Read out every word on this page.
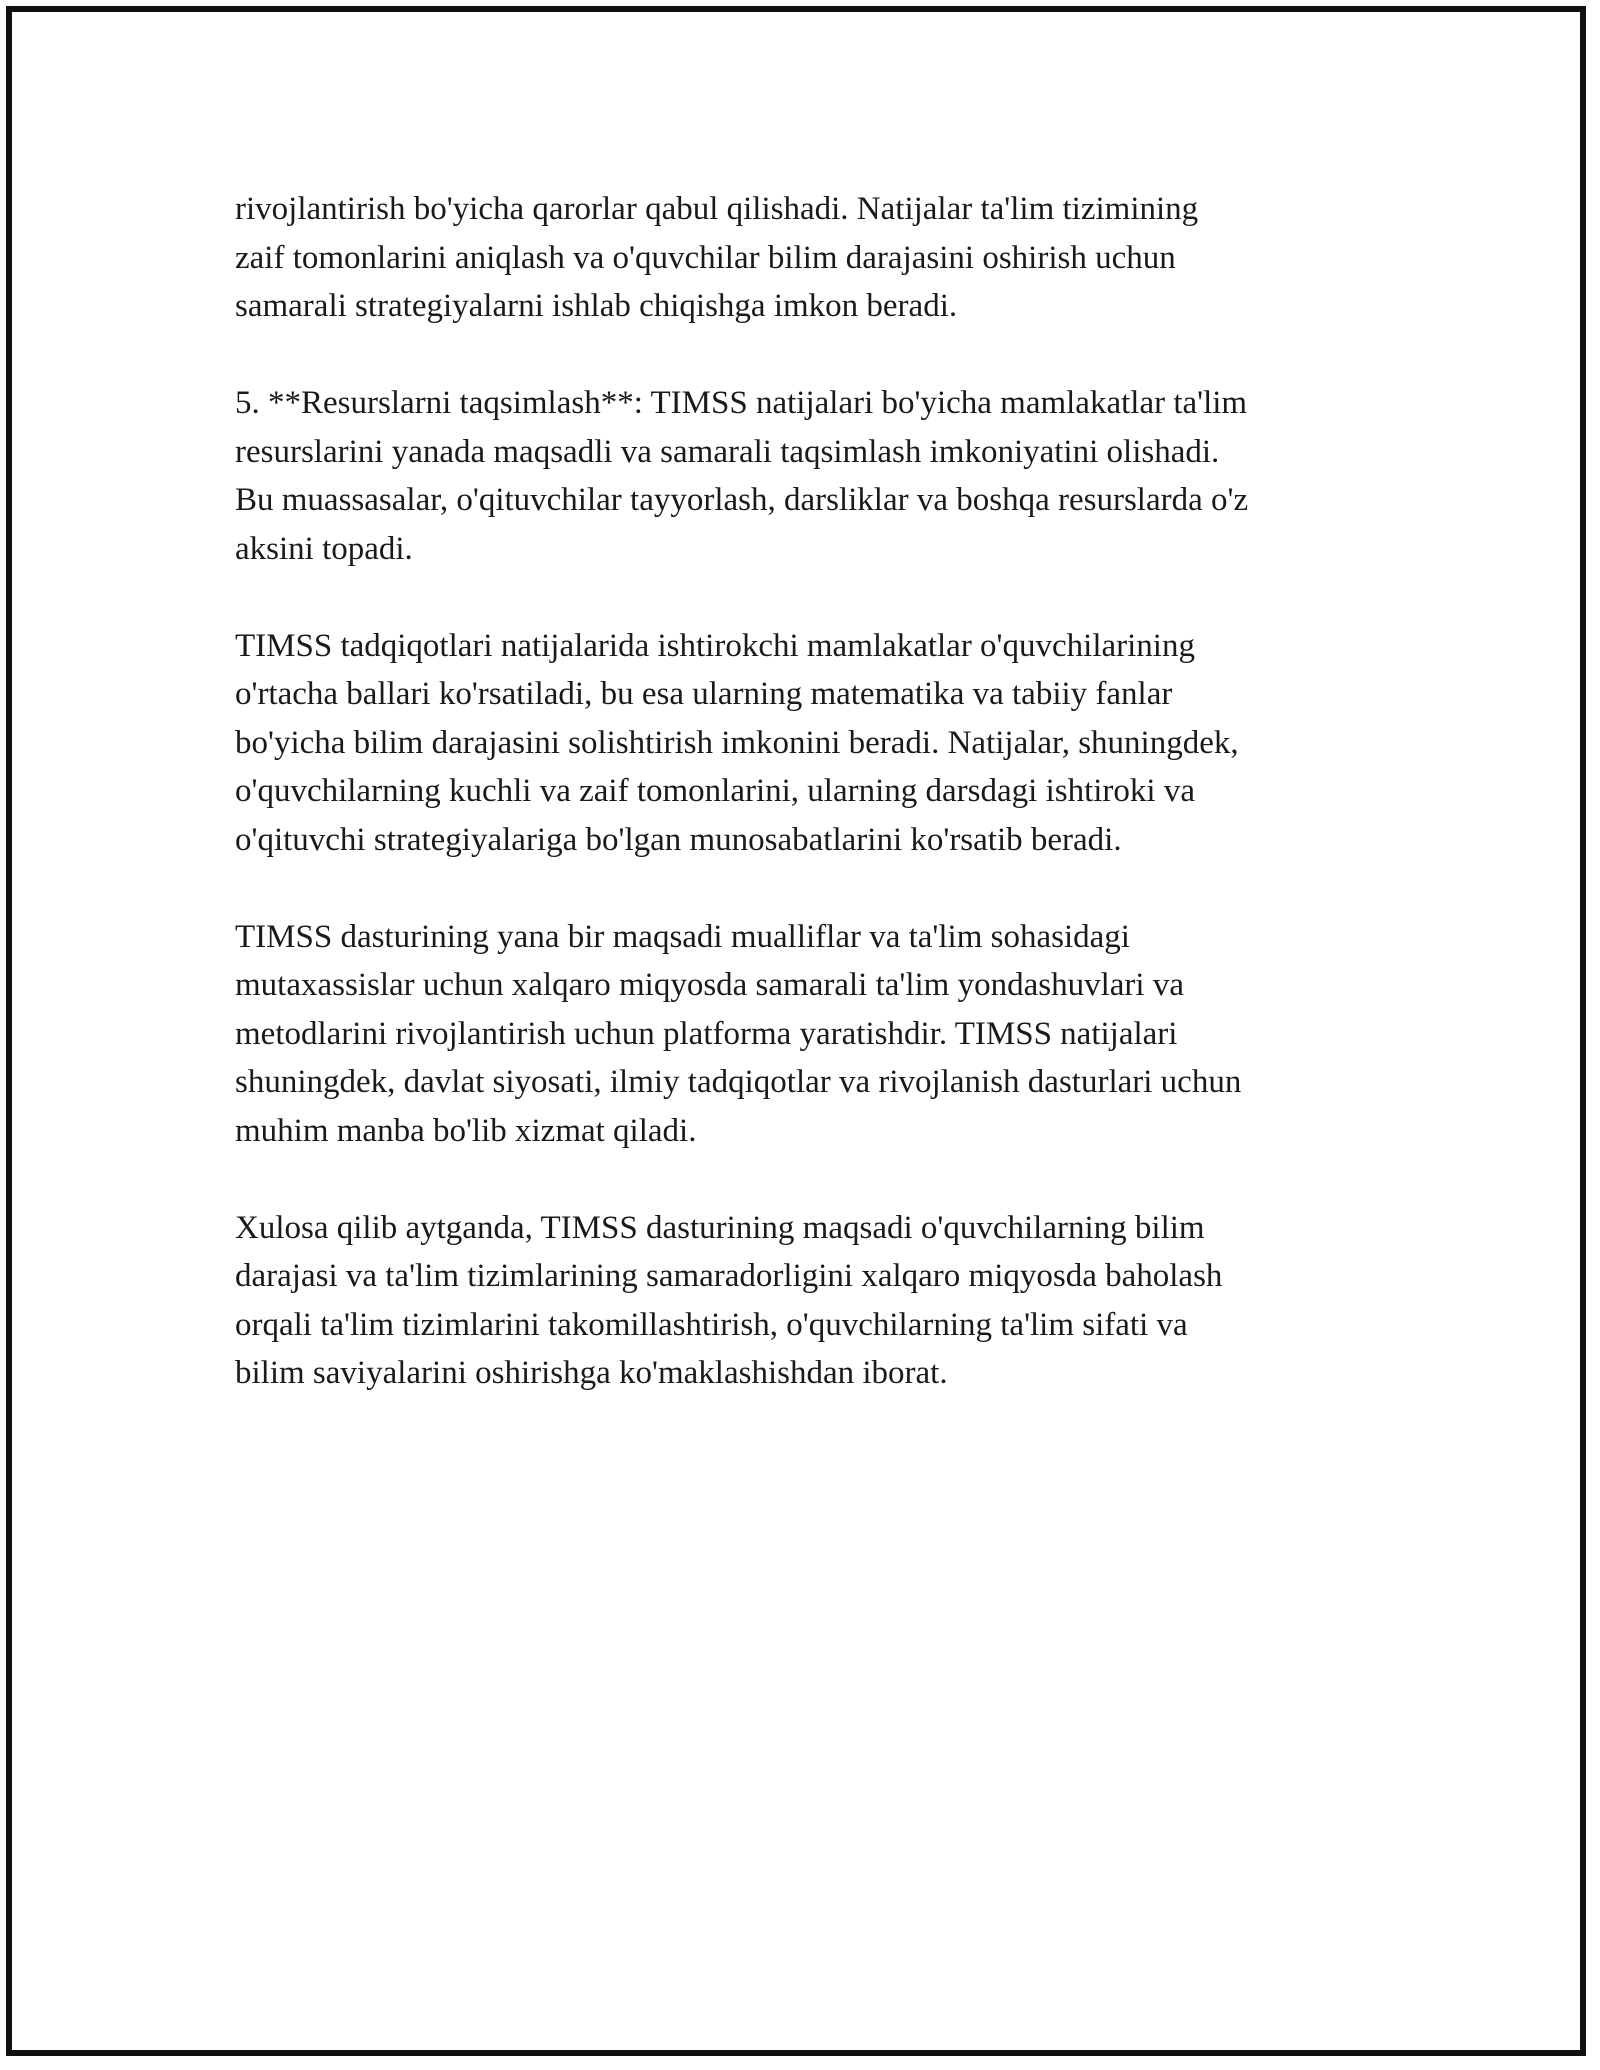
rivojlantirish bo'yicha qarorlar qabul qilishadi. Natijalar ta'lim tizimining
zaif tomonlarini aniqlash va o'quvchilar bilim darajasini oshirish uchun
samarali strategiyalarni ishlab chiqishga imkon beradi.

5. **Resurslarni taqsimlash**: TIMSS natijalari bo'yicha mamlakatlar ta'lim
resurslarini yanada maqsadli va samarali taqsimlash imkoniyatini olishadi.
Bu muassasalar, o'qituvchilar tayyorlash, darsliklar va boshqa resurslarda o'z
aksini topadi.

TIMSS tadqiqotlari natijalarida ishtirokchi mamlakatlar o'quvchilarining
o'rtacha ballari ko'rsatiladi, bu esa ularning matematika va tabiiy fanlar
bo'yicha bilim darajasini solishtirish imkonini beradi. Natijalar, shuningdek,
o'quvchilarning kuchli va zaif tomonlarini, ularning darsdagi ishtiroki va
o'qituvchi strategiyalariga bo'lgan munosabatlarini ko'rsatib beradi.

TIMSS dasturining yana bir maqsadi mualliflar va ta'lim sohasidagi
mutaxassislar uchun xalqaro miqyosda samarali ta'lim yondashuvlari va
metodlarini rivojlantirish uchun platforma yaratishdir. TIMSS natijalari
shuningdek, davlat siyosati, ilmiy tadqiqotlar va rivojlanish dasturlari uchun
muhim manba bo'lib xizmat qiladi.

Xulosa qilib aytganda, TIMSS dasturining maqsadi o'quvchilarning bilim
darajasi va ta'lim tizimlarining samaradorligini xalqaro miqyosda baholash
orqali ta'lim tizimlarini takomillashtirish, o'quvchilarning ta'lim sifati va
bilim saviyalarini oshirishga ko'maklashishdan iborat.
